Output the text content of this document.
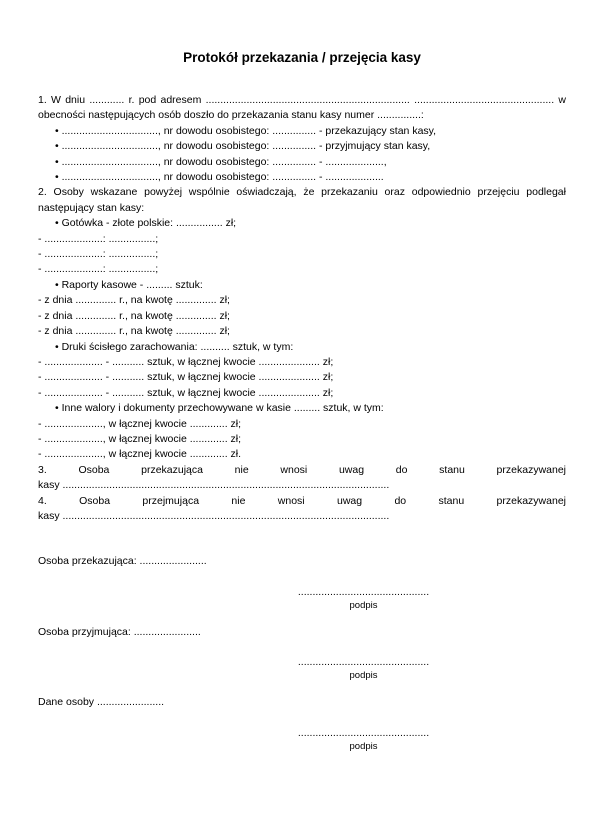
Protokół przekazania / przejęcia kasy
1. W dniu ............ r. pod adresem ...................................................................... ................................................ w
obecności następujących osób doszło do przekazania stanu kasy numer ...............:
• ................................., nr dowodu osobistego: ............... - przekazujący stan kasy,
• ................................., nr dowodu osobistego: ............... - przyjmujący stan kasy,
• ................................., nr dowodu osobistego: ............... - ....................,
• ................................., nr dowodu osobistego: ............... - ....................
2. Osoby wskazane powyżej wspólnie oświadczają, że przekazaniu oraz odpowiednio przejęciu podlegał
następujący stan kasy:
• Gotówka - złote polskie: ................ zł;
- ....................: ................;
- ....................: ................;
- ....................: ................;
• Raporty kasowe - ......... sztuk:
- z dnia .............. r., na kwotę .............. zł;
- z dnia .............. r., na kwotę .............. zł;
- z dnia .............. r., na kwotę .............. zł;
• Druki ścisłego zarachowania: .......... sztuk, w tym:
- .................... - ........... sztuk, w łącznej kwocie ..................... zł;
- .................... - ........... sztuk, w łącznej kwocie ..................... zł;
- .................... - ........... sztuk, w łącznej kwocie ..................... zł;
• Inne walory i dokumenty przechowywane w kasie ......... sztuk, w tym:
- ...................., w łącznej kwocie ............. zł;
- ...................., w łącznej kwocie ............. zł;
- ...................., w łącznej kwocie ............. zł.
3. Osoba przekazująca nie wnosi uwag do stanu przekazywanej
kasy ................................................................................................................
4. Osoba przejmująca nie wnosi uwag do stanu przekazywanej
kasy ................................................................................................................
Osoba przekazująca: .......................
.............................................
podpis
Osoba przyjmująca: .......................
.............................................
podpis
Dane osoby .......................
.............................................
podpis
